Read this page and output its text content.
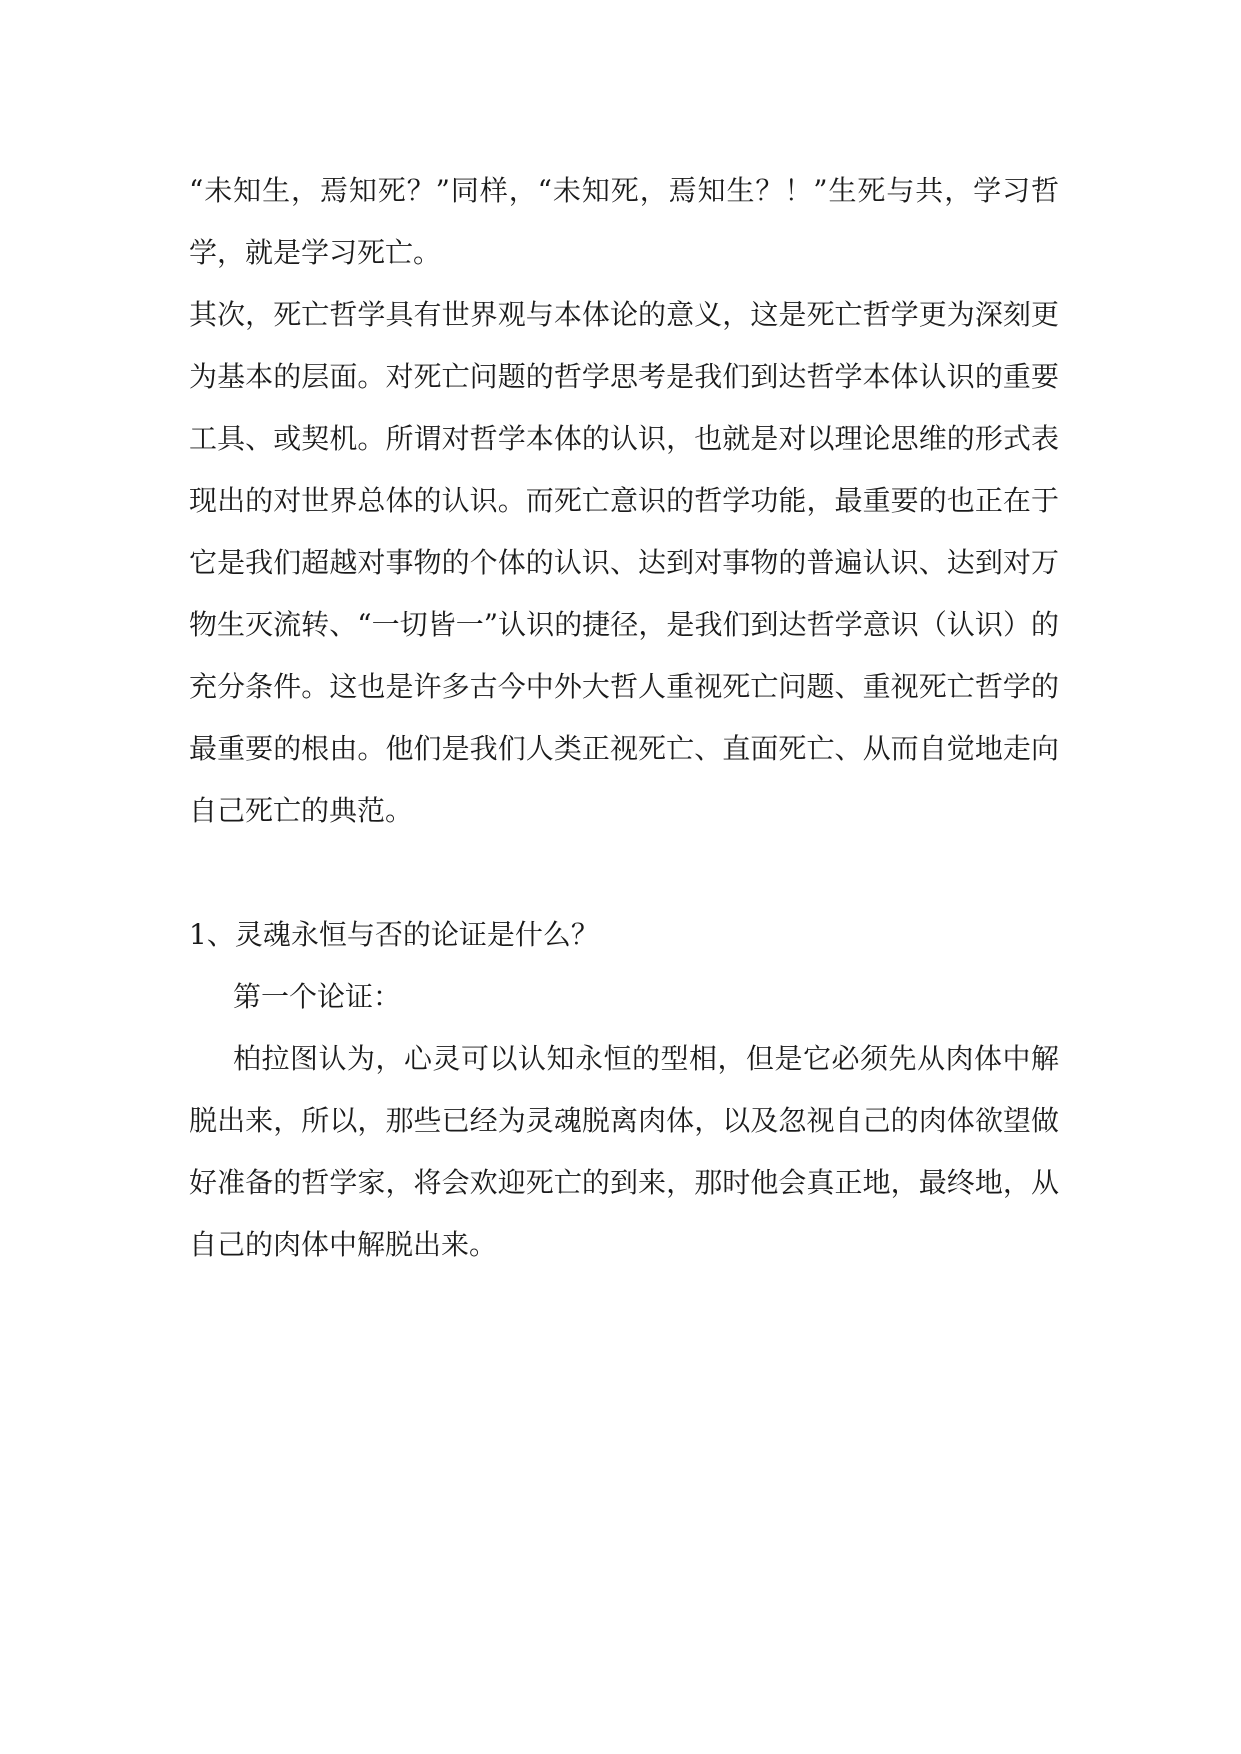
“未知生，焉知死？”同样，“未知死，焉知生？！”生死与共，学习哲学，就是学习死亡。

其次，死亡哲学具有世界观与本体论的意义，这是死亡哲学更为深刻更为基本的层面。对死亡问题的哲学思考是我们到达哲学本体认识的重要工具、或契机。所谓对哲学本体的认识，也就是对以理论思维的形式表现出的对世界总体的认识。而死亡意识的哲学功能，最重要的也正在于它是我们超越对事物的个体的认识、达到对事物的普遍认识、达到对万物生灭流转、“一切皆一”认识的捷径，是我们到达哲学意识（认识）的充分条件。这也是许多古今中外大哲人重视死亡问题、重视死亡哲学的最重要的根由。他们是我们人类正视死亡、直面死亡、从而自觉地走向自己死亡的典范。

1、灵魂永恒与否的论证是什么？

第一个论证：

柏拉图认为，心灵可以认知永恒的型相，但是它必须先从肉体中解脱出来，所以，那些已经为灵魂脱离肉体，以及忽视自己的肉体欲望做好准备的哲学家，将会欢迎死亡的到来，那时他会真正地，最终地，从自己的肉体中解脱出来。
